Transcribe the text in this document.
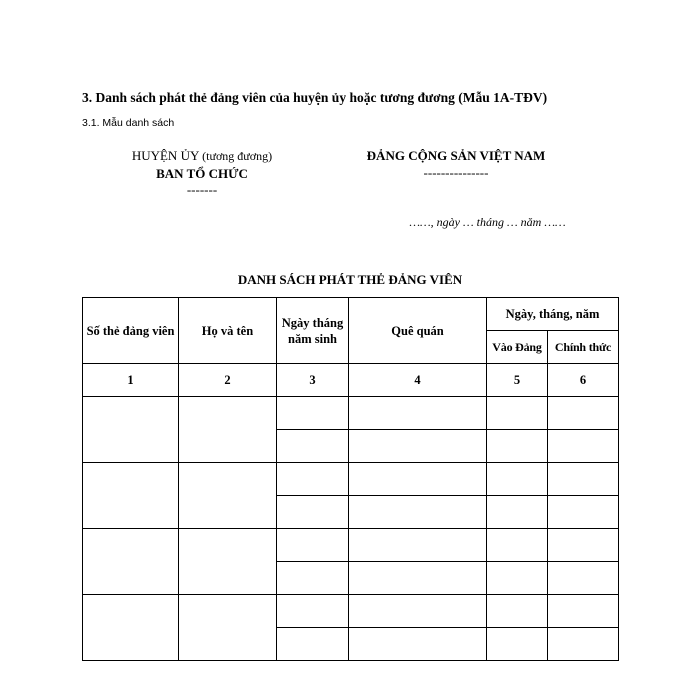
3. Danh sách phát thẻ đảng viên của huyện ủy hoặc tương đương (Mẫu 1A-TĐV)
3.1. Mẫu danh sách
HUYỆN ỦY (tương đương)
BAN TỔ CHỨC
-------
ĐẢNG CỘNG SẢN VIỆT NAM
---------------
……, ngày … tháng … năm ……
DANH SÁCH PHÁT THẺ ĐẢNG VIÊN
Số thẻ đảng viên	Họ và tên	Ngày tháng năm sinh	Quê quán	Ngày, tháng, năm	
				Vào Đảng	Chính thức
1	2	3	4	5	6
